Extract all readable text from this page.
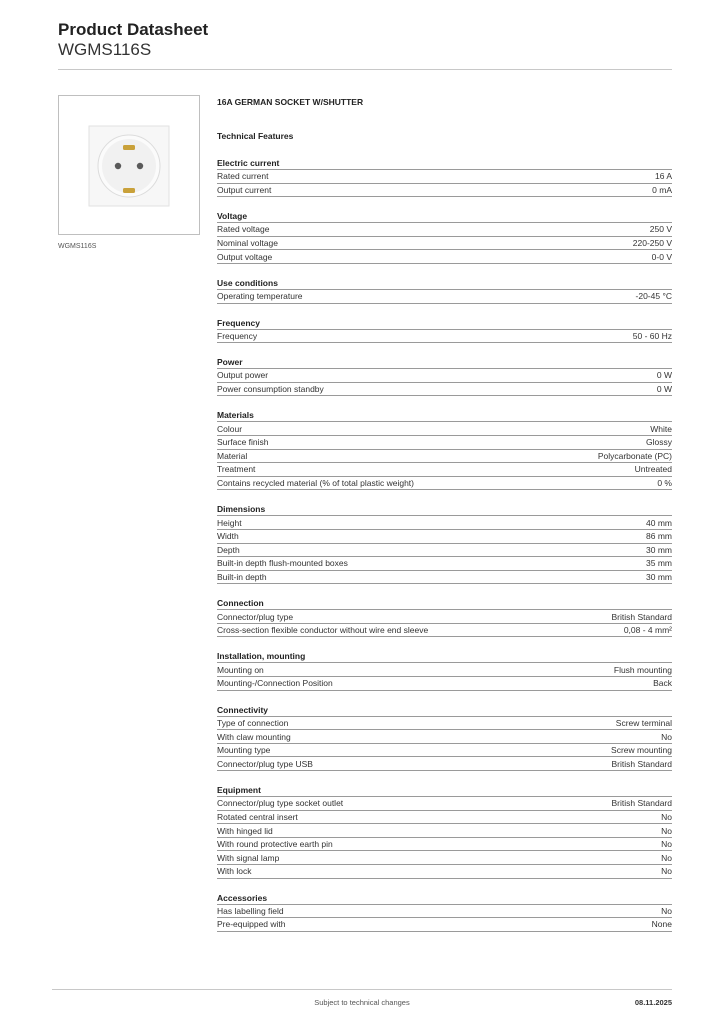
Product Datasheet
WGMS116S
WGMS116S
16A GERMAN SOCKET W/SHUTTER
Technical Features
Electric current
Rated current	16 A
Output current	0 mA
Voltage
Rated voltage	250 V
Nominal voltage	220-250 V
Output voltage	0-0 V
Use conditions
Operating temperature	-20-45 °C
Frequency
Frequency	50 - 60 Hz
Power
Output power	0 W
Power consumption standby	0 W
Materials
Colour	White
Surface finish	Glossy
Material	Polycarbonate (PC)
Treatment	Untreated
Contains recycled material (% of total plastic weight)	0 %
Dimensions
Height	40 mm
Width	86 mm
Depth	30 mm
Built-in depth flush-mounted boxes	35 mm
Built-in depth	30 mm
Connection
Connector/plug type	British Standard
Cross-section flexible conductor without wire end sleeve	0,08 - 4 mm²
Installation, mounting
Mounting on	Flush mounting
Mounting-/Connection Position	Back
Connectivity
Type of connection	Screw terminal
With claw mounting	No
Mounting type	Screw mounting
Connector/plug type USB	British Standard
Equipment
Connector/plug type socket outlet	British Standard
Rotated central insert	No
With hinged lid	No
With round protective earth pin	No
With signal lamp	No
With lock	No
Accessories
Has labelling field	No
Pre-equipped with	None
Subject to technical changes	08.11.2025
